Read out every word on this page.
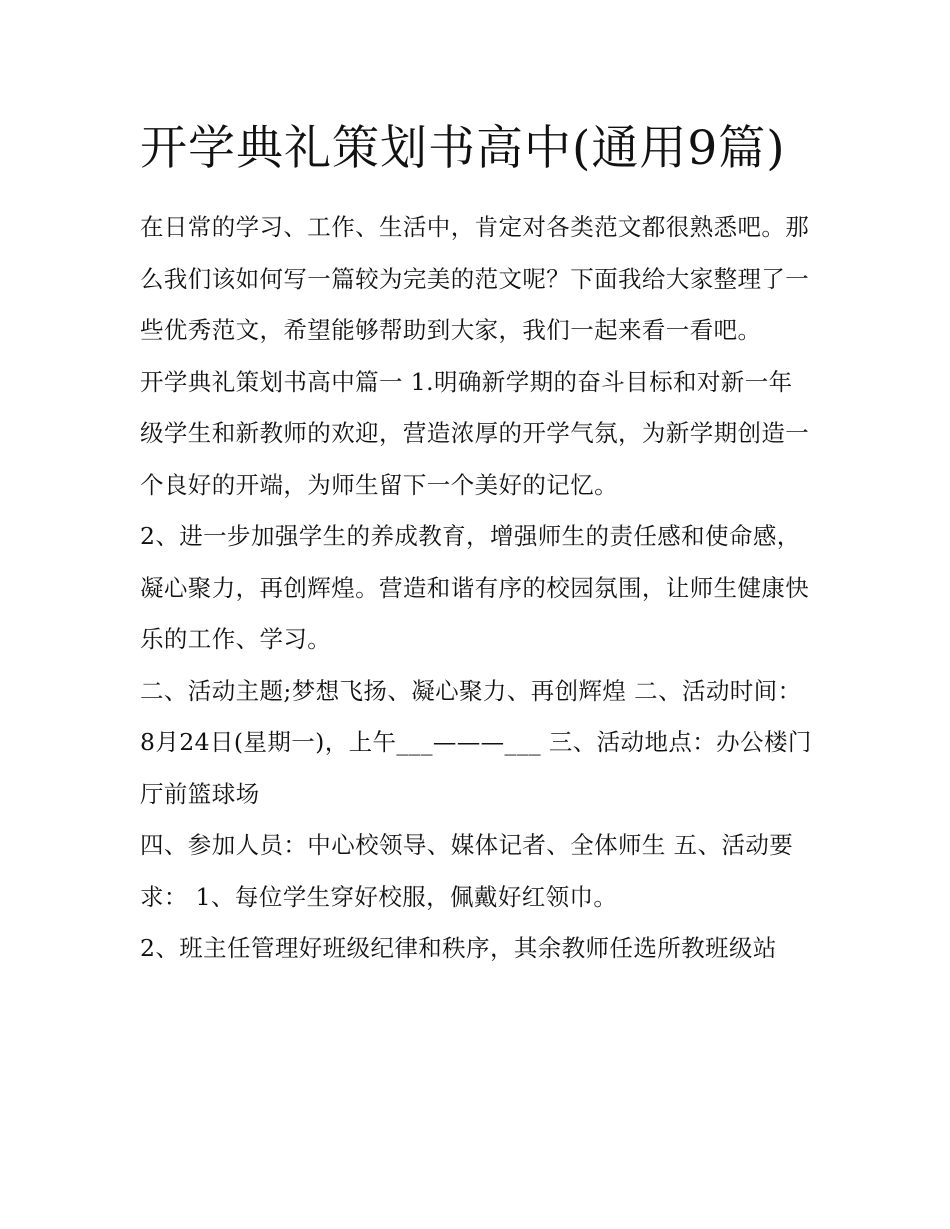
开学典礼策划书高中(通用9篇)

在日常的学习、工作、生活中，肯定对各类范文都很熟悉吧。那么我们该如何写一篇较为完美的范文呢？下面我给大家整理了一些优秀范文，希望能够帮助到大家，我们一起来看一看吧。

开学典礼策划书高中篇一 1.明确新学期的奋斗目标和对新一年级学生和新教师的欢迎，营造浓厚的开学气氛，为新学期创造一个良好的开端，为师生留下一个美好的记忆。

2、进一步加强学生的养成教育，增强师生的责任感和使命感，凝心聚力，再创辉煌。营造和谐有序的校园氛围，让师生健康快乐的工作、学习。

二、活动主题;梦想飞扬、凝心聚力、再创辉煌 二、活动时间： 8月24日(星期一)，上午___———___ 三、活动地点：办公楼门厅前篮球场

四、参加人员：中心校领导、媒体记者、全体师生 五、活动要求： 1、每位学生穿好校服，佩戴好红领巾。

2、班主任管理好班级纪律和秩序，其余教师任选所教班级站
